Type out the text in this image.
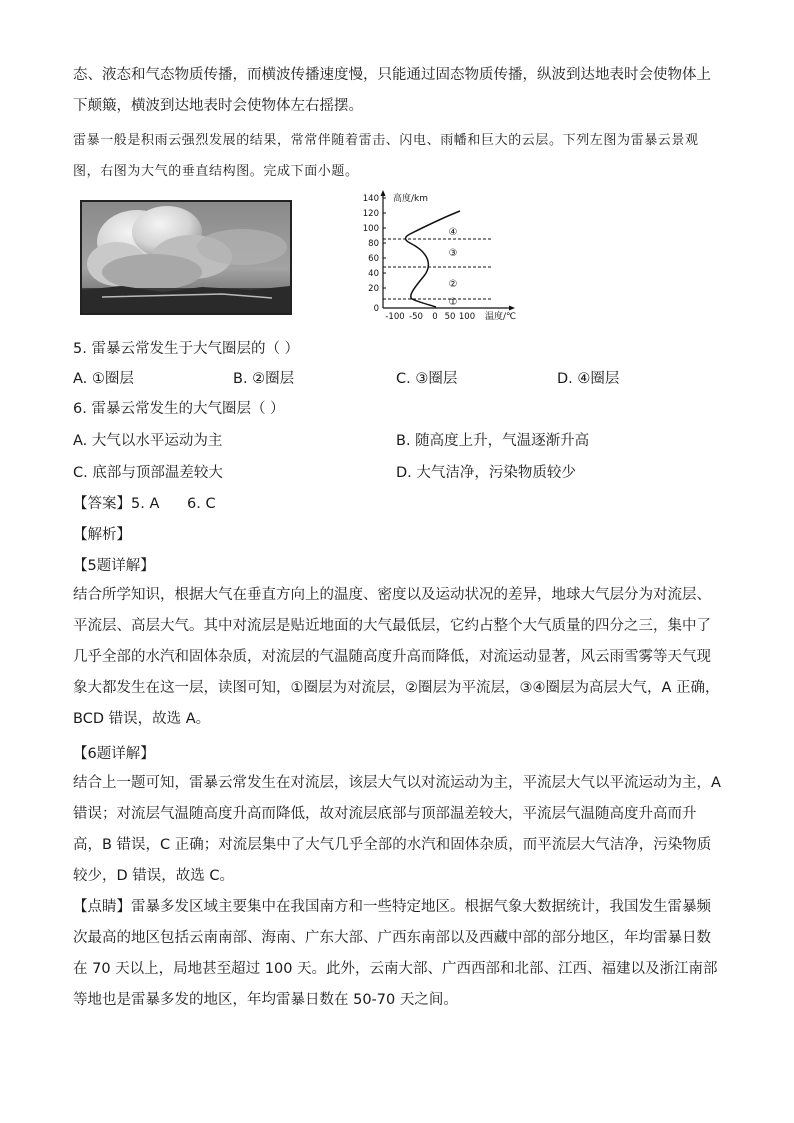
态、液态和气态物质传播，而横波传播速度慢，只能通过固态物质传播，纵波到达地表时会使物体上下颠簸，横波到达地表时会使物体左右摇摆。

雷暴一般是积雨云强烈发展的结果，常常伴随着雷击、闪电、雨幡和巨大的云层。下列左图为雷暴云景观图，右图为大气的垂直结构图。完成下面小题。

140
120
100
80
60
40
20
0
高度/km
-100 -50 0 50 100 温度/℃
①
②
③
④

5. 雷暴云常发生于大气圈层的（ ）

A. ①圈层	B. ②圈层	C. ③圈层	D. ④圈层

6. 雷暴云常发生的大气圈层（ ）

A. 大气以水平运动为主	B. 随高度上升，气温逐渐升高
C. 底部与顶部温差较大	D. 大气洁净，污染物质较少

【答案】5. A      6. C

【解析】

【5题详解】

结合所学知识，根据大气在垂直方向上的温度、密度以及运动状况的差异，地球大气层分为对流层、平流层、高层大气。其中对流层是贴近地面的大气最低层，它约占整个大气质量的四分之三，集中了几乎全部的水汽和固体杂质，对流层的气温随高度升高而降低，对流运动显著，风云雨雪雾等天气现象大都发生在这一层，读图可知，①圈层为对流层，②圈层为平流层，③④圈层为高层大气，A 正确，BCD 错误，故选 A。

【6题详解】

结合上一题可知，雷暴云常发生在对流层，该层大气以对流运动为主，平流层大气以平流运动为主，A 错误；对流层气温随高度升高而降低，故对流层底部与顶部温差较大，平流层气温随高度升高而升高，B 错误，C 正确；对流层集中了大气几乎全部的水汽和固体杂质，而平流层大气洁净，污染物质较少，D 错误，故选 C。

【点睛】雷暴多发区域主要集中在我国南方和一些特定地区。根据气象大数据统计，我国发生雷暴频次最高的地区包括云南南部、海南、广东大部、广西东南部以及西藏中部的部分地区，年均雷暴日数在 70 天以上，局地甚至超过 100 天。此外，云南大部、广西西部和北部、江西、福建以及浙江南部等地也是雷暴多发的地区，年均雷暴日数在 50-70 天之间。
